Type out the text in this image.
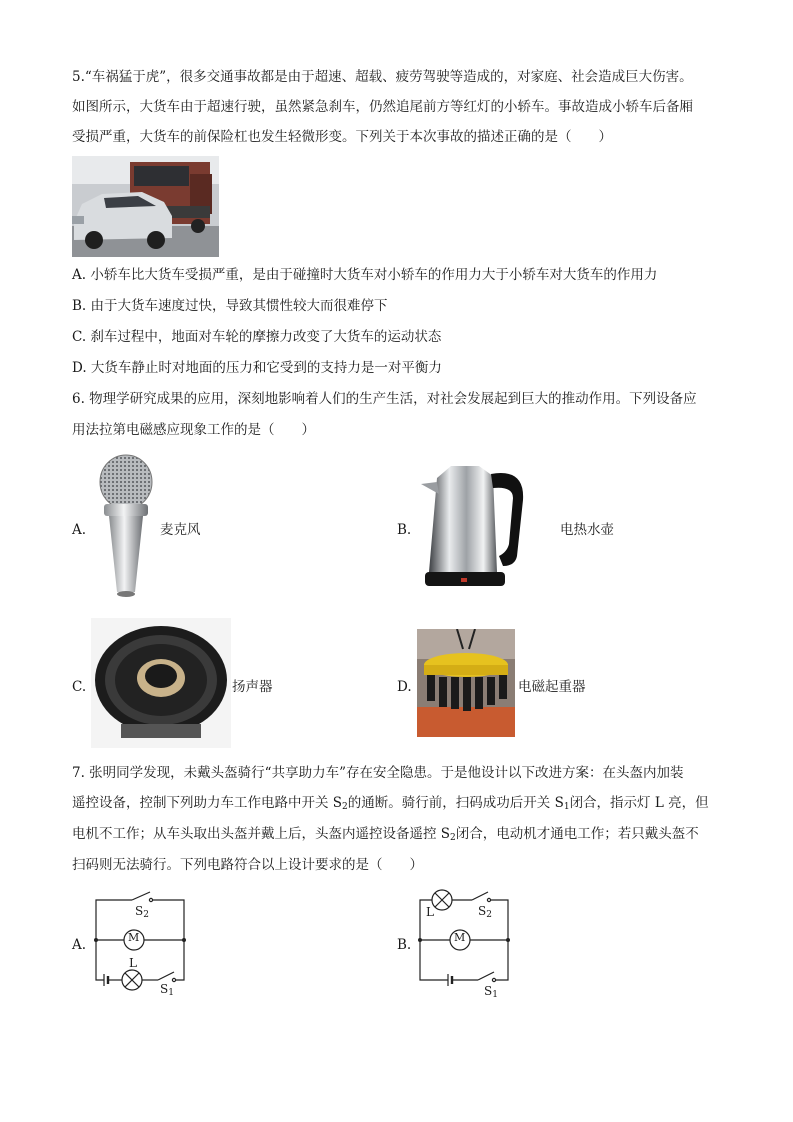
5.“车祸猛于虎”，很多交通事故都是由于超速、超载、疲劳驾驶等造成的，对家庭、社会造成巨大伤害。
如图所示，大货车由于超速行驶，虽然紧急刹车，仍然追尾前方等红灯的小轿车。事故造成小轿车后备厢
受损严重，大货车的前保险杠也发生轻微形变。下列关于本次事故的描述正确的是（　　）
A. 小轿车比大货车受损严重，是由于碰撞时大货车对小轿车的作用力大于小轿车对大货车的作用力
B. 由于大货车速度过快，导致其惯性较大而很难停下
C. 刹车过程中，地面对车轮的摩擦力改变了大货车的运动状态
D. 大货车静止时对地面的压力和它受到的支持力是一对平衡力
6. 物理学研究成果的应用，深刻地影响着人们的生产生活，对社会发展起到巨大的推动作用。下列设备应
用法拉第电磁感应现象工作的是（　　）
A.	麦克风	B.	电热水壶
C.	扬声器	D.	电磁起重器
7. 张明同学发现，未戴头盔骑行“共享助力车”存在安全隐患。于是他设计以下改进方案：在头盔内加装
遥控设备，控制下列助力车工作电路中开关 $S_2$的通断。骑行前，扫码成功后开关 $S_1$闭合，指示灯 L 亮，但
电机不工作；从车头取出头盔并戴上后，头盔内遥控设备遥控 $S_2$闭合，电动机才通电工作；若只戴头盔不
扫码则无法骑行。下列电路符合以上设计要求的是（　　）
A.	M
L
$S_2$
$S_1$
B.	M
L	$S_2$
$S_1$
